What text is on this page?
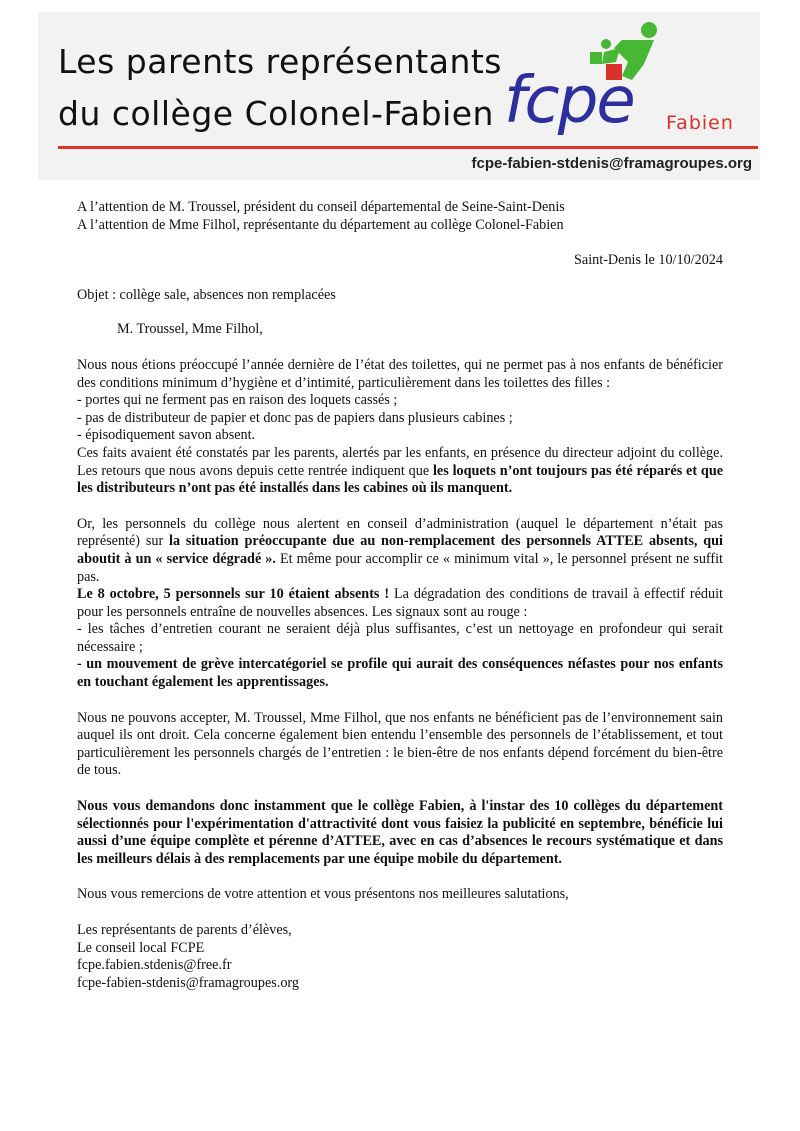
Les parents représentants
du collège Colonel-Fabien fcpe Fabien
fcpe-fabien-stdenis@framagroupes.org

A l’attention de M. Troussel, président du conseil départemental de Seine-Saint-Denis

A l’attention de Mme Filhol, représentante du département au collège Colonel-Fabien

Saint-Denis le 10/10/2024

Objet : collège sale, absences non remplacées

M. Troussel, Mme Filhol,

Nous nous étions préoccupé l’année dernière de l’état des toilettes, qui ne permet pas à nos enfants de bénéficier des conditions minimum d’hygiène et d’intimité, particulièrement dans les toilettes des filles :

- portes qui ne ferment pas en raison des loquets cassés ;

- pas de distributeur de papier et donc pas de papiers dans plusieurs cabines ;

- épisodiquement savon absent.

Ces faits avaient été constatés par les parents, alertés par les enfants, en présence du directeur adjoint du collège. Les retours que nous avons depuis cette rentrée indiquent que les loquets n’ont toujours pas été réparés et que les distributeurs n’ont pas été installés dans les cabines où ils manquent.

Or, les personnels du collège nous alertent en conseil d’administration (auquel le département n’était pas représenté) sur la situation préoccupante due au non-remplacement des personnels ATTEE absents, qui aboutit à un « service dégradé ». Et même pour accomplir ce « minimum vital », le personnel présent ne suffit pas.

Le 8 octobre, 5 personnels sur 10 étaient absents ! La dégradation des conditions de travail à effectif réduit pour les personnels entraîne de nouvelles absences. Les signaux sont au rouge :

- les tâches d’entretien courant ne seraient déjà plus suffisantes, c’est un nettoyage en profondeur qui serait nécessaire ;

- un mouvement de grève intercatégoriel se profile qui aurait des conséquences néfastes pour nos enfants en touchant également les apprentissages.

Nous ne pouvons accepter, M. Troussel, Mme Filhol, que nos enfants ne bénéficient pas de l’environnement sain auquel ils ont droit. Cela concerne également bien entendu l’ensemble des personnels de l’établissement, et tout particulièrement les personnels chargés de l’entretien : le bien-être de nos enfants dépend forcément du bien-être de tous.

Nous vous demandons donc instamment que le collège Fabien, à l'instar des 10 collèges du département sélectionnés pour l'expérimentation d'attractivité dont vous faisiez la publicité en septembre, bénéficie lui aussi d’une équipe complète et pérenne d’ATTEE, avec en cas d’absences le recours systématique et dans les meilleurs délais à des remplacements par une équipe mobile du département.

Nous vous remercions de votre attention et vous présentons nos meilleures salutations,

Les représentants de parents d’élèves,

Le conseil local FCPE

fcpe.fabien.stdenis@free.fr

fcpe-fabien-stdenis@framagroupes.org
